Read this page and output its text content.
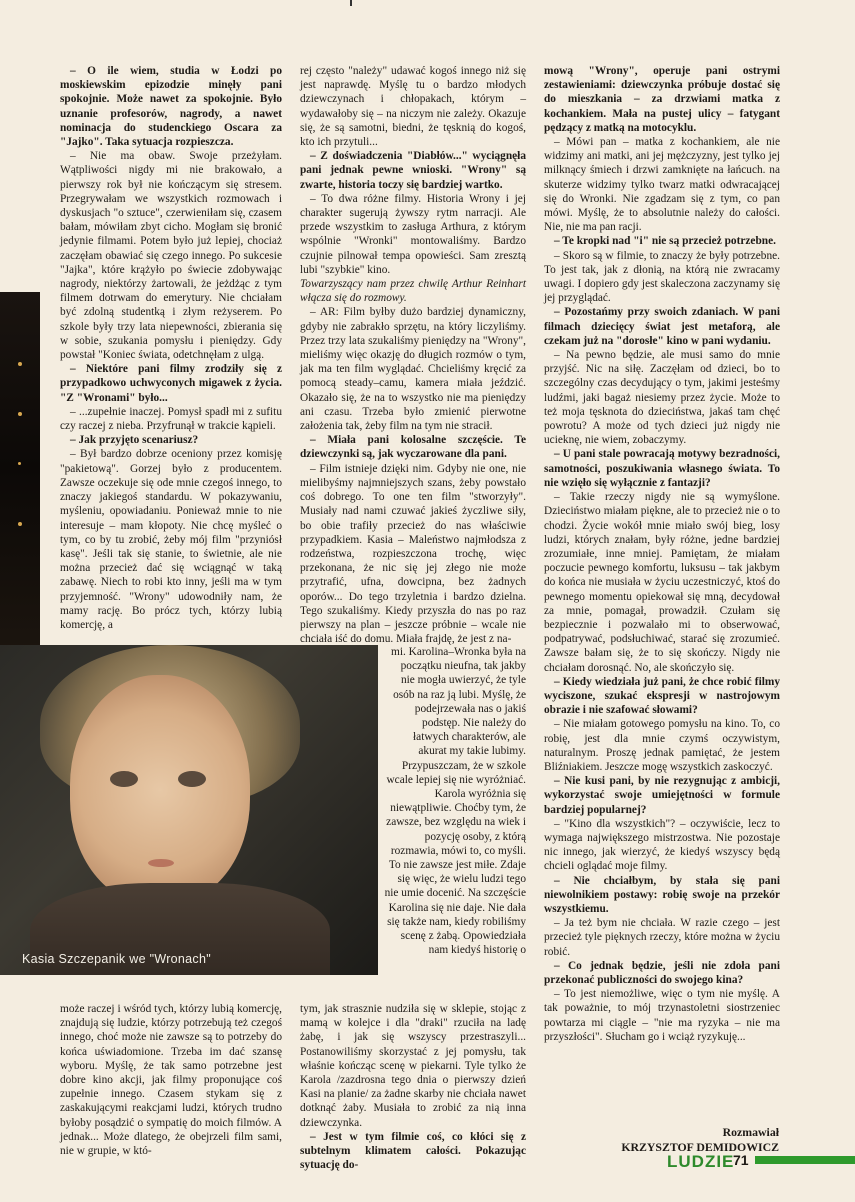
– O ile wiem, studia w Łodzi po moskiewskim epizodzie minęły pani spokojnie. Może nawet za spokojnie. Było uznanie profesorów, nagrody, a nawet nominacja do studenckiego Oscara za "Jajko". Taka sytuacja rozpieszcza.

– Nie ma obaw. Swoje przeżyłam. Wątpliwości nigdy mi nie brakowało, a pierwszy rok był nie kończącym się stresem. Przegrywałam we wszystkich rozmowach i dyskusjach "o sztuce", czerwieniłam się, czasem bałam, mówiłam zbyt cicho. Mogłam się bronić jedynie filmami. Potem było już lepiej, chociaż zaczęłam obawiać się czego innego. Po sukcesie "Jajka", które krążyło po świecie zdobywając nagrody, niektórzy żartowali, że jeżdżąc z tym filmem dotrwam do emerytury. Nie chciałam być zdolną studentką i złym reżyserem. Po szkole były trzy lata niepewności, zbierania się w sobie, szukania pomysłu i pieniędzy. Gdy powstał "Koniec świata, odetchnęłam z ulgą.

– Niektóre pani filmy zrodziły się z przypadkowo uchwyconych migawek z życia. "Z "Wronami" było...

– ...zupełnie inaczej. Pomysł spadł mi z sufitu czy raczej z nieba. Przyfrunął w trakcie kąpieli.

– Jak przyjęto scenariusz?

– Był bardzo dobrze oceniony przez komisję "pakietową". Gorzej było z producentem. Zawsze oczekuje się ode mnie czegoś innego, to znaczy jakiegoś standardu. W pokazywaniu, myśleniu, opowiadaniu. Ponieważ mnie to nie interesuje – mam kłopoty. Nie chcę myśleć o tym, co by tu zrobić, żeby mój film "przyniósł kasę". Jeśli tak się stanie, to świetnie, ale nie można przecież dać się wciągnąć w taką zabawę. Niech to robi kto inny, jeśli ma w tym przyjemność. "Wrony" udowodniły nam, że mamy rację. Bo prócz tych, którzy lubią komercję, a

rej często "należy" udawać kogoś innego niż się jest naprawdę. Myślę tu o bardzo młodych dziewczynach i chłopakach, którym – wydawałoby się – na niczym nie zależy. Okazuje się, że są samotni, biedni, że tęsknią do kogoś, kto ich przytuli...

– Z doświadczenia "Diabłów..." wyciągnęła pani jednak pewne wnioski. "Wrony" są zwarte, historia toczy się bardziej wartko.

– To dwa różne filmy. Historia Wrony i jej charakter sugerują żywszy rytm narracji. Ale przede wszystkim to zasługa Arthura, z którym wspólnie "Wronki" montowaliśmy. Bardzo czujnie pilnował tempa opowieści. Sam zresztą lubi "szybkie" kino.

Towarzyszący nam przez chwilę Arthur Reinhart włącza się do rozmowy.

– AR: Film byłby dużo bardziej dynamiczny, gdyby nie zabrakło sprzętu, na który liczyliśmy. Przez trzy lata szukaliśmy pieniędzy na "Wrony", mieliśmy więc okazję do długich rozmów o tym, jak ma ten film wyglądać. Chcieliśmy kręcić za pomocą steady–camu, kamera miała jeździć. Okazało się, że na to wszystko nie ma pieniędzy ani czasu. Trzeba było zmienić pierwotne założenia tak, żeby film na tym nie stracił.

– Miała pani kolosalne szczęście. Te dziewczynki są, jak wyczarowane dla pani.

– Film istnieje dzięki nim. Gdyby nie one, nie mielibyśmy najmniejszych szans, żeby powstało coś dobrego. To one ten film "stworzyły". Musiały nad nami czuwać jakieś życzliwe siły, bo obie trafiły przecież do nas właściwie przypadkiem. Kasia – Maleństwo najmłodsza z rodzeństwa, rozpieszczona trochę, więc przekonana, że nic się jej złego nie może przytrafić, ufna, dowcipna, bez żadnych oporów... Do tego trzyletnia i bardzo dzielna. Tego szukaliśmy. Kiedy przyszła do nas po raz pierwszy na plan – jeszcze próbnie – wcale nie chciała iść do domu. Miała frajdę, że jest z na-

mową "Wrony", operuje pani ostrymi zestawieniami: dziewczynka próbuje dostać się do mieszkania – za drzwiami matka z kochankiem. Mała na pustej ulicy – fatygant pędzący z matką na motocyklu.

– Mówi pan – matka z kochankiem, ale nie widzimy ani matki, ani jej mężczyzny, jest tylko jej milknący śmiech i drzwi zamknięte na łańcuch. na skuterze widzimy tylko twarz matki odwracającej się do Wronki. Nie zgadzam się z tym, co pan mówi. Myślę, że to absolutnie należy do całości. Nie, nie ma pan racji.

– Te kropki nad "i" nie są przecież potrzebne.

– Skoro są w filmie, to znaczy że były potrzebne. To jest tak, jak z dłonią, na którą nie zwracamy uwagi. I dopiero gdy jest skaleczona zaczynamy się jej przyglądać.

– Pozostańmy przy swoich zdaniach. W pani filmach dziecięcy świat jest metaforą, ale czekam już na "dorosłe" kino w pani wydaniu.

– Na pewno będzie, ale musi samo do mnie przyjść. Nic na siłę. Zaczęłam od dzieci, bo to szczególny czas decydujący o tym, jakimi jesteśmy ludźmi, jaki bagaż niesiemy przez życie. Może to też moja tęsknota do dzieciństwa, jakaś tam chęć powrotu? A może od tych dzieci już nigdy nie ucieknę, nie wiem, zobaczymy.

– U pani stale powracają motywy bezradności, samotności, poszukiwania własnego świata. To nie wzięło się wyłącznie z fantazji?

– Takie rzeczy nigdy nie są wymyślone. Dzieciństwo miałam piękne, ale to przecież nie o to chodzi. Życie wokół mnie miało swój bieg, losy ludzi, których znałam, były różne, jedne bardziej zrozumiałe, inne mniej. Pamiętam, że miałam poczucie pewnego komfortu, luksusu – tak jakbym do końca nie musiała w życiu uczestniczyć, ktoś do pewnego momentu opiekował się mną, decydował za mnie, pomagał, prowadził. Czułam się bezpiecznie i pozwalało mi to obserwować, podpatrywać, podsłuchiwać, starać się zrozumieć. Zawsze bałam się, że to się skończy. Nigdy nie chciałam dorosnąć. No, ale skończyło się.

– Kiedy wiedziała już pani, że chce robić filmy wyciszone, szukać ekspresji w nastrojowym obrazie i nie szafować słowami?

– Nie miałam gotowego pomysłu na kino. To, co robię, jest dla mnie czymś oczywistym, naturalnym. Proszę jednak pamiętać, że jestem Bliźniakiem. Jeszcze mogę wszystkich zaskoczyć.

– Nie kusi pani, by nie rezygnując z ambicji, wykorzystać swoje umiejętności w formule bardziej popularnej?

– "Kino dla wszystkich"? – oczywiście, lecz to wymaga największego mistrzostwa. Nie pozostaje nic innego, jak wierzyć, że kiedyś wszyscy będą chcieli oglądać moje filmy.

– Nie chciałbym, by stała się pani niewolnikiem postawy: robię swoje na przekór wszystkiemu.

– Ja też bym nie chciała. W razie czego – jest przecież tyle pięknych rzeczy, które można w życiu robić.

– Co jednak będzie, jeśli nie zdoła pani przekonać publiczności do swojego kina?

– To jest niemożliwe, więc o tym nie myślę. A tak poważnie, to mój trzynastoletni siostrzeniec powtarza mi ciągle – "nie ma ryzyka – nie ma przyszłości". Słucham go i wciąż ryzykuję...

Kasia Szczepanik we "Wronach"
mi. Karolina–Wronka była na początku nieufna, tak jakby nie mogła uwierzyć, że tyle osób na raz ją lubi. Myślę, że podejrzewała nas o jakiś podstęp. Nie należy do łatwych charakterów, ale akurat my takie lubimy. Przypuszczam, że w szkole wcale lepiej się nie wyróżniać. Karola wyróżnia się niewątpliwie. Choćby tym, że zawsze, bez względu na wiek i pozycję osoby, z którą rozmawia, mówi to, co myśli. To nie zawsze jest miłe. Zdaje się więc, że wielu ludzi tego nie umie docenić. Na szczęście Karolina się nie daje. Nie dała się także nam, kiedy robiliśmy scenę z żabą. Opowiedziała nam kiedyś historię o

może raczej i wśród tych, którzy lubią komercję, znajdują się ludzie, którzy potrzebują też czegoś innego, choć może nie zawsze są to potrzeby do końca uświadomione. Trzeba im dać szansę wyboru. Myślę, że tak samo potrzebne jest dobre kino akcji, jak filmy proponujące coś zupełnie innego. Czasem stykam się z zaskakującymi reakcjami ludzi, których trudno byłoby posądzić o sympatię do moich filmów. A jednak... Może dlatego, że obejrzeli film sami, nie w grupie, w któ-

tym, jak strasznie nudziła się w sklepie, stojąc z mamą w kolejce i dla "draki" rzuciła na ladę żabę, i jak się wszyscy przestraszyli... Postanowiliśmy skorzystać z jej pomysłu, tak właśnie kończąc scenę w piekarni. Tyle tylko że Karola /zazdrosna tego dnia o pierwszy dzień Kasi na planie/ za żadne skarby nie chciała nawet dotknąć żaby. Musiała to zrobić za nią inna dziewczynka.

– Jest w tym filmie coś, co kłóci się z subtelnym klimatem całości. Pokazując sytuację do-

Rozmawiał
KRZYSZTOF DEMIDOWICZ
LUDZIE
71
